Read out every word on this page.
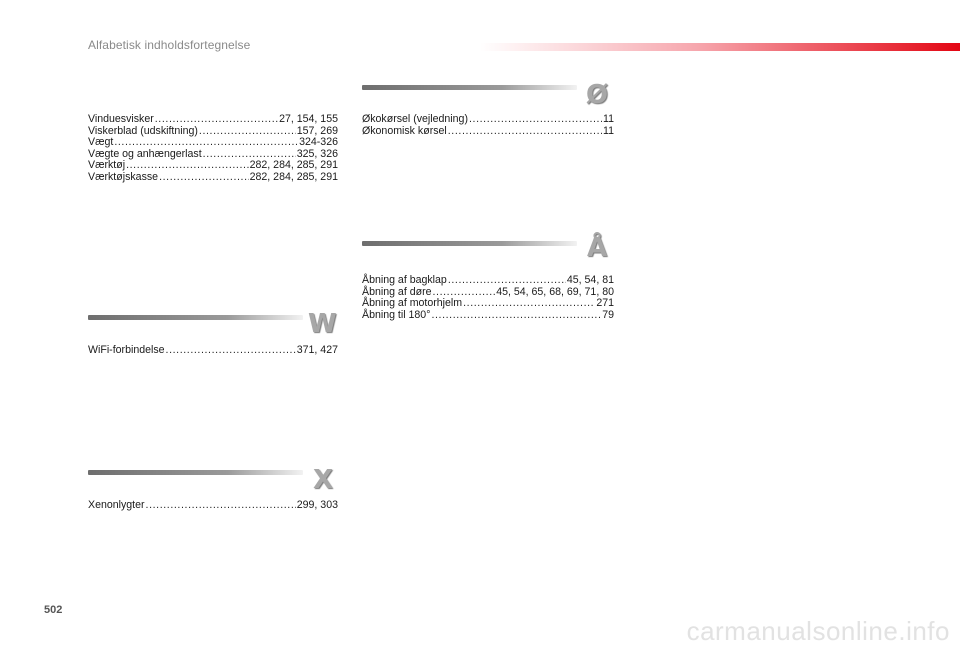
Alfabetisk indholdsfortegnelse
Vinduesvisker .....	27, 154, 155
Viskerblad (udskiftning) .....	157, 269
Vægt .....	324-326
Vægte og anhængerlast .....	325, 326
Værktøj .....	282, 284, 285, 291
Værktøjskasse .....	282, 284, 285, 291
W
WiFi-forbindelse .....	371, 427
X
Xenonlygter .....	299, 303
Ø
Økokørsel (vejledning) .....	11
Økonomisk kørsel .....	11
Å
Åbning af bagklap .....	45, 54, 81
Åbning af døre .....	45, 54, 65, 68, 69, 71, 80
Åbning af motorhjelm .....	271
Åbning til 180° .....	79
502
carmanualsonline.info
